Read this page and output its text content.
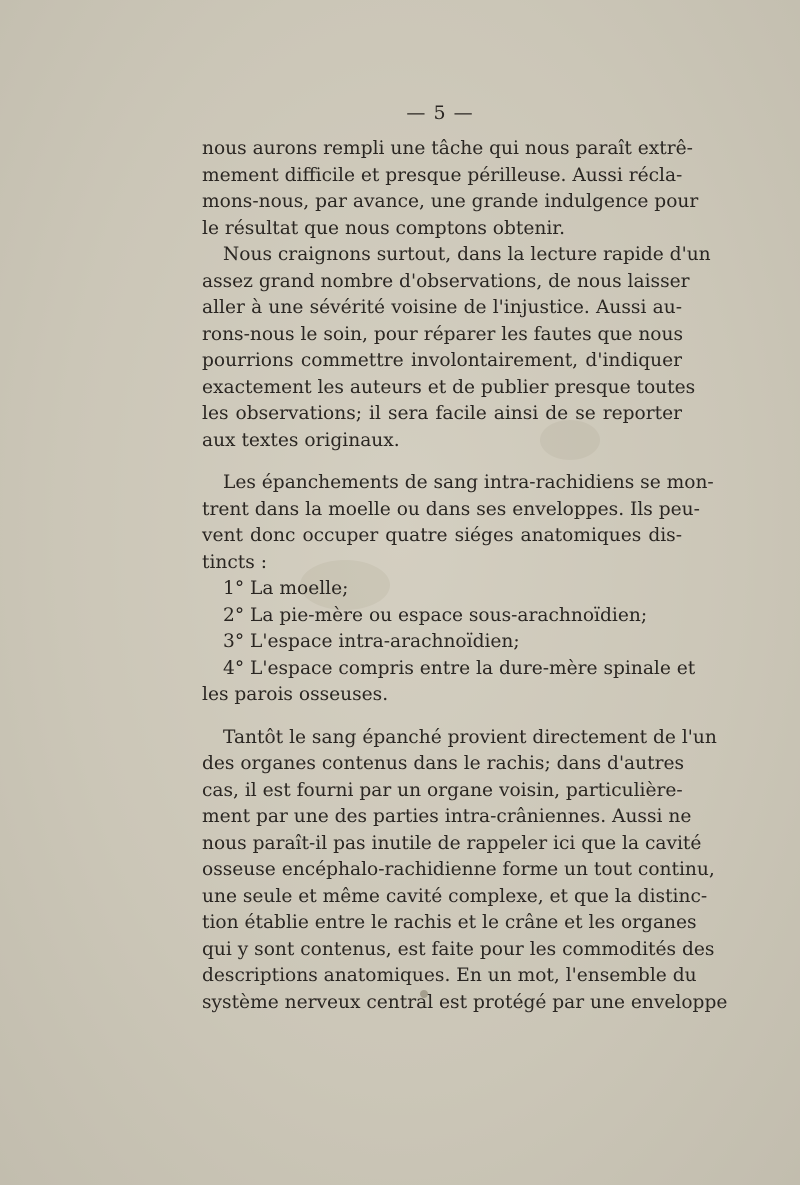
— 5 —
nous aurons rempli une tâche qui nous paraît extrê-
mement difficile et presque périlleuse. Aussi récla-
mons-nous, par avance, une grande indulgence pour
le résultat que nous comptons obtenir.
Nous craignons surtout, dans la lecture rapide d'un
assez grand nombre d'observations, de nous laisser
aller à une sévérité voisine de l'injustice. Aussi au-
rons-nous le soin, pour réparer les fautes que nous
pourrions commettre involontairement, d'indiquer
exactement les auteurs et de publier presque toutes
les observations; il sera facile ainsi de se reporter
aux textes originaux.
Les épanchements de sang intra-rachidiens se mon-
trent dans la moelle ou dans ses enveloppes. Ils peu-
vent donc occuper quatre siéges anatomiques dis-
tincts :
1° La moelle;
2° La pie-mère ou espace sous-arachnoïdien;
3° L'espace intra-arachnoïdien;
4° L'espace compris entre la dure-mère spinale et
les parois osseuses.
Tantôt le sang épanché provient directement de l'un
des organes contenus dans le rachis; dans d'autres
cas, il est fourni par un organe voisin, particulière-
ment par une des parties intra-crâniennes. Aussi ne
nous paraît-il pas inutile de rappeler ici que la cavité
osseuse encéphalo-rachidienne forme un tout continu,
une seule et même cavité complexe, et que la distinc-
tion établie entre le rachis et le crâne et les organes
qui y sont contenus, est faite pour les commodités des
descriptions anatomiques. En un mot, l'ensemble du
système nerveux central est protégé par une enveloppe
